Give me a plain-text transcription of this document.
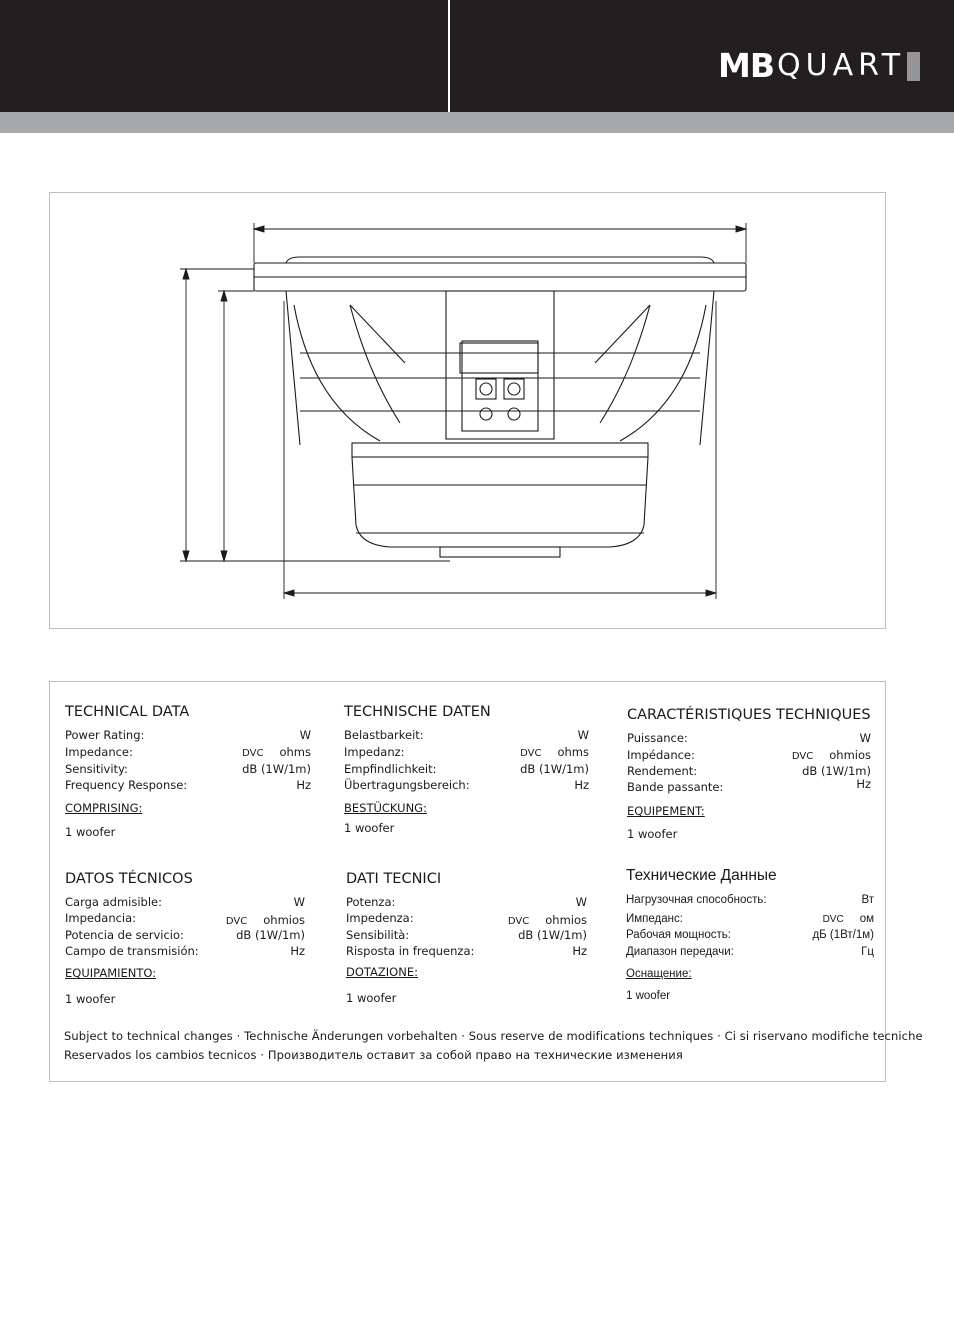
MB QUART
TECHNICAL DATA
Power Rating:	W
Impedance:	DVC ohms
Sensitivity:	dB (1W/1m)
Frequency Response:	Hz
COMPRISING:
1 woofer
TECHNISCHE DATEN
Belastbarkeit:	W
Impedanz:	DVC ohms
Empfindlichkeit:	dB (1W/1m)
Übertragungsbereich:	Hz
BESTÜCKUNG:
1 woofer
CARACTÉRISTIQUES TECHNIQUES
Puissance:	W
Impédance:	DVC ohmios
Rendement:	dB (1W/1m)
Bande passante:	Hz
EQUIPEMENT:
1 woofer
DATOS TÉCNICOS
Carga admisible:	W
Impedancia:	DVC ohmios
Potencia de servicio:	dB (1W/1m)
Campo de transmisión:	Hz
EQUIPAMIENTO:
1 woofer
DATI TECNICI
Potenza:	W
Impedenza:	DVC ohmios
Sensibilità:	dB (1W/1m)
Risposta in frequenza:	Hz
DOTAZIONE:
1 woofer
Технические Данные
Нагрузочная способность:	Вт
Импеданс:	DVC ом
Рабочая мощность:	дБ (1Вт/1м)
Диапазон передачи:	Гц
Оснащение:
1 woofer
Subject to technical changes · Technische Änderungen vorbehalten · Sous reserve de modifications techniques · Ci si riservano modifiche tecniche
Reservados los cambios tecnicos · Производитель оставит за собой право на технические изменения
